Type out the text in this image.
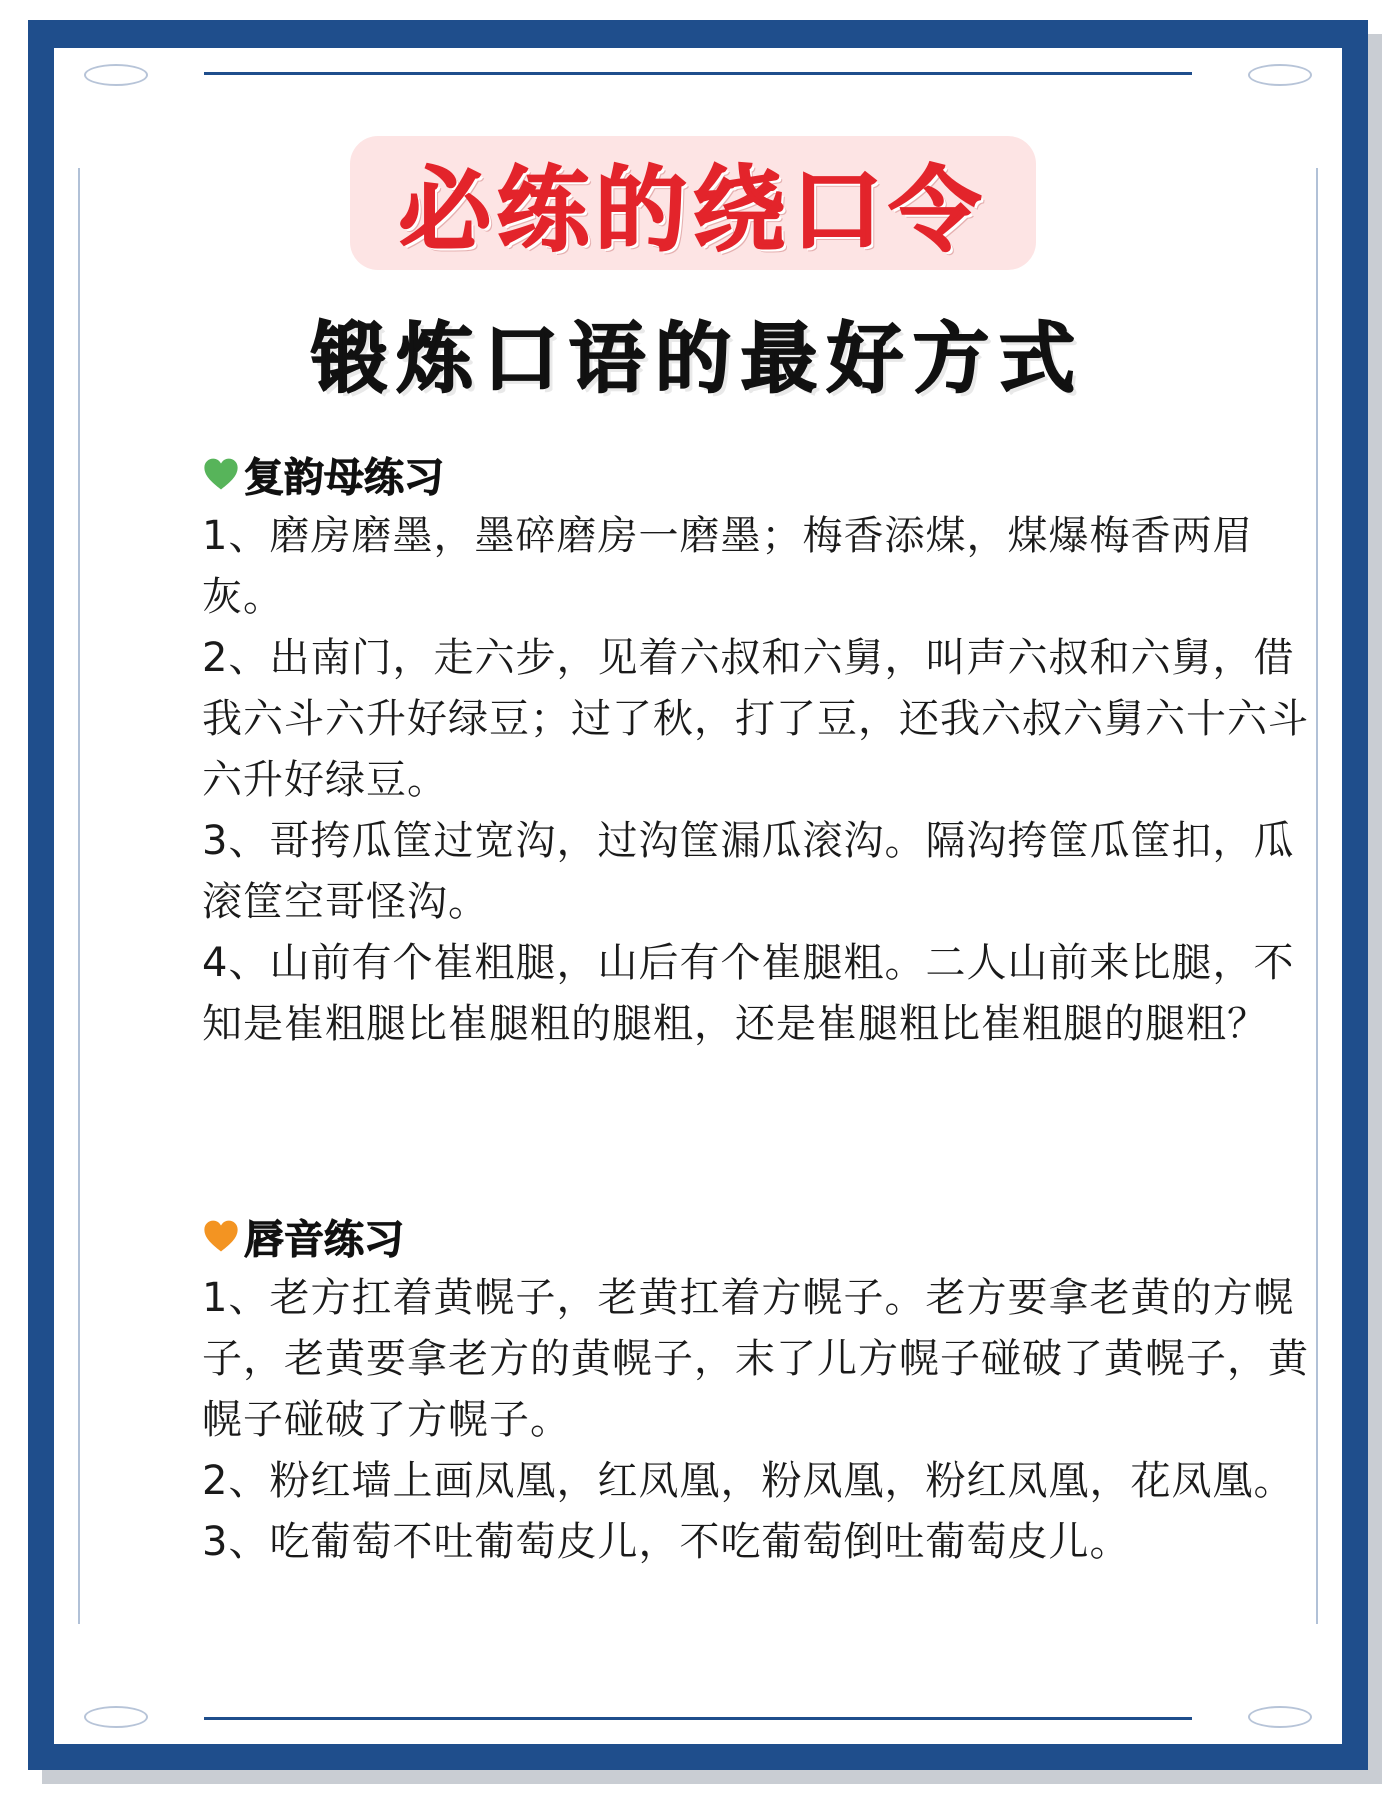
必练的绕口令
锻炼口语的最好方式
复韵母练习

1、磨房磨墨，墨碎磨房一磨墨；梅香添煤，煤爆梅香两眉灰。

2、出南门，走六步，见着六叔和六舅，叫声六叔和六舅，借我六斗六升好绿豆；过了秋，打了豆，还我六叔六舅六十六斗六升好绿豆。

3、哥挎瓜筐过宽沟，过沟筐漏瓜滚沟。隔沟挎筐瓜筐扣，瓜滚筐空哥怪沟。

4、山前有个崔粗腿，山后有个崔腿粗。二人山前来比腿，不知是崔粗腿比崔腿粗的腿粗，还是崔腿粗比崔粗腿的腿粗？

唇音练习

1、老方扛着黄幌子，老黄扛着方幌子。老方要拿老黄的方幌子，老黄要拿老方的黄幌子，末了儿方幌子碰破了黄幌子，黄幌子碰破了方幌子。

2、粉红墙上画凤凰，红凤凰，粉凤凰，粉红凤凰，花凤凰。

3、吃葡萄不吐葡萄皮儿，不吃葡萄倒吐葡萄皮儿。
